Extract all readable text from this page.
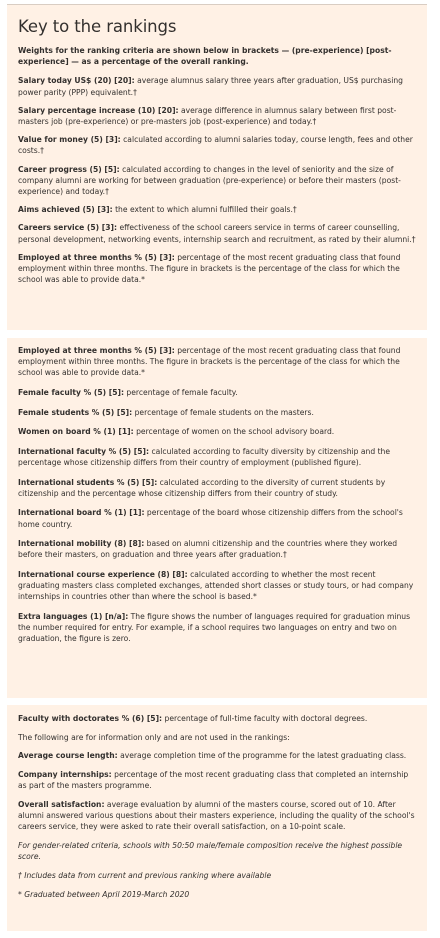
Key to the rankings

Weights for the ranking criteria are shown below in brackets — (pre-experience) [post-experience] — as a percentage of the overall ranking.

Salary today US$ (20) [20]: average alumnus salary three years after graduation, US$ purchasing power parity (PPP) equivalent.†

Salary percentage increase (10) [20]: average difference in alumnus salary between first post-masters job (pre-experience) or pre-masters job (post-experience) and today.†

Value for money (5) [3]: calculated according to alumni salaries today, course length, fees and other costs.†

Career progress (5) [5]: calculated according to changes in the level of seniority and the size of company alumni are working for between graduation (pre-experience) or before their masters (post-experience) and today.†

Aims achieved (5) [3]: the extent to which alumni fulfilled their goals.†

Careers service (5) [3]: effectiveness of the school careers service in terms of career counselling, personal development, networking events, internship search and recruitment, as rated by their alumni.†

Employed at three months % (5) [3]: percentage of the most recent graduating class that found employment within three months. The figure in brackets is the percentage of the class for which the school was able to provide data.*

Employed at three months % (5) [3]: percentage of the most recent graduating class that found employment within three months. The figure in brackets is the percentage of the class for which the school was able to provide data.*

Female faculty % (5) [5]: percentage of female faculty.

Female students % (5) [5]: percentage of female students on the masters.

Women on board % (1) [1]: percentage of women on the school advisory board.

International faculty % (5) [5]: calculated according to faculty diversity by citizenship and the percentage whose citizenship differs from their country of employment (published figure).

International students % (5) [5]: calculated according to the diversity of current students by citizenship and the percentage whose citizenship differs from their country of study.

International board % (1) [1]: percentage of the board whose citizenship differs from the school's home country.

International mobility (8) [8]: based on alumni citizenship and the countries where they worked before their masters, on graduation and three years after graduation.†

International course experience (8) [8]: calculated according to whether the most recent graduating masters class completed exchanges, attended short classes or study tours, or had company internships in countries other than where the school is based.*

Extra languages (1) [n/a]: The figure shows the number of languages required for graduation minus the number required for entry. For example, if a school requires two languages on entry and two on graduation, the figure is zero.

Faculty with doctorates % (6) [5]: percentage of full-time faculty with doctoral degrees.

The following are for information only and are not used in the rankings:

Average course length: average completion time of the programme for the latest graduating class.

Company internships: percentage of the most recent graduating class that completed an internship as part of the masters programme.

Overall satisfaction: average evaluation by alumni of the masters course, scored out of 10. After alumni answered various questions about their masters experience, including the quality of the school's careers service, they were asked to rate their overall satisfaction, on a 10-point scale.

For gender-related criteria, schools with 50:50 male/female composition receive the highest possible score.

† Includes data from current and previous ranking where available

* Graduated between April 2019-March 2020
